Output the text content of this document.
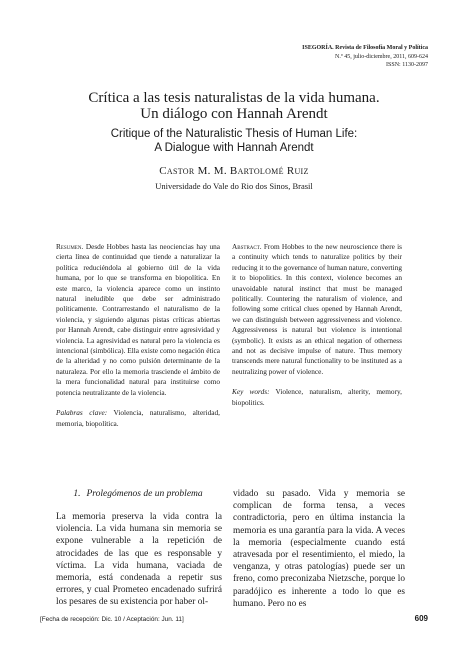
ISEGORÍA. Revista de Filosofía Moral y Política
N.º 45, julio-diciembre, 2011, 609-624
ISSN: 1130-2097
Crítica a las tesis naturalistas de la vida humana.
Un diálogo con Hannah Arendt
Critique of the Naturalistic Thesis of Human Life:
A Dialogue with Hannah Arendt
Castor M. M. Bartolomé Ruiz
Universidade do Vale do Rio dos Sinos, Brasil
Resumen. Desde Hobbes hasta las neociencias hay una cierta línea de continuidad que tiende a naturalizar la política reduciéndola al gobierno útil de la vida humana, por lo que se transforma en biopolítica. En este marco, la violencia aparece como un instinto natural ineludible que debe ser administrado políticamente. Contrarrestando el naturalismo de la violencia, y siguiendo algunas pistas críticas abiertas por Hannah Arendt, cabe distinguir entre agresividad y violencia. La agresividad es natural pero la violencia es intencional (simbólica). Ella existe como negación ética de la alteridad y no como pulsión determinante de la naturaleza. Por ello la memoria trasciende el ámbito de la mera funcionalidad natural para instituirse como potencia neutralizante de la violencia.
Palabras clave: Violencia, naturalismo, alteridad, memoria, biopolítica.
Abstract. From Hobbes to the new neuroscience there is a continuity which tends to naturalize politics by their reducing it to the governance of human nature, converting it to biopolitics. In this context, violence becomes an unavoidable natural instinct that must be managed politically. Countering the naturalism of violence, and following some critical clues opened by Hannah Arendt, we can distinguish between aggressiveness and violence. Aggressiveness is natural but violence is intentional (symbolic). It exists as an ethical negation of otherness and not as decisive impulse of nature. Thus memory transcends mere natural functionality to be instituted as a neutralizing power of violence.
Key words: Violence, naturalism, alterity, memory, biopolitics.
1. Prolegómenos de un problema
La memoria preserva la vida contra la violencia. La vida humana sin memoria se expone vulnerable a la repetición de atrocidades de las que es responsable y víctima. La vida humana, vaciada de memoria, está condenada a repetir sus errores, y cual Prometeo encadenado sufrirá los pesares de su existencia por haber ol-
vidado su pasado. Vida y memoria se complican de forma tensa, a veces contradictoria, pero en última instancia la memoria es una garantía para la vida. A veces la memoria (especialmente cuando está atravesada por el resentimiento, el miedo, la venganza, y otras patologías) puede ser un freno, como preconizaba Nietzsche, porque lo paradójico es inherente a todo lo que es humano. Pero no es
[Fecha de recepción: Dic. 10 / Aceptación: Jun. 11]	609
